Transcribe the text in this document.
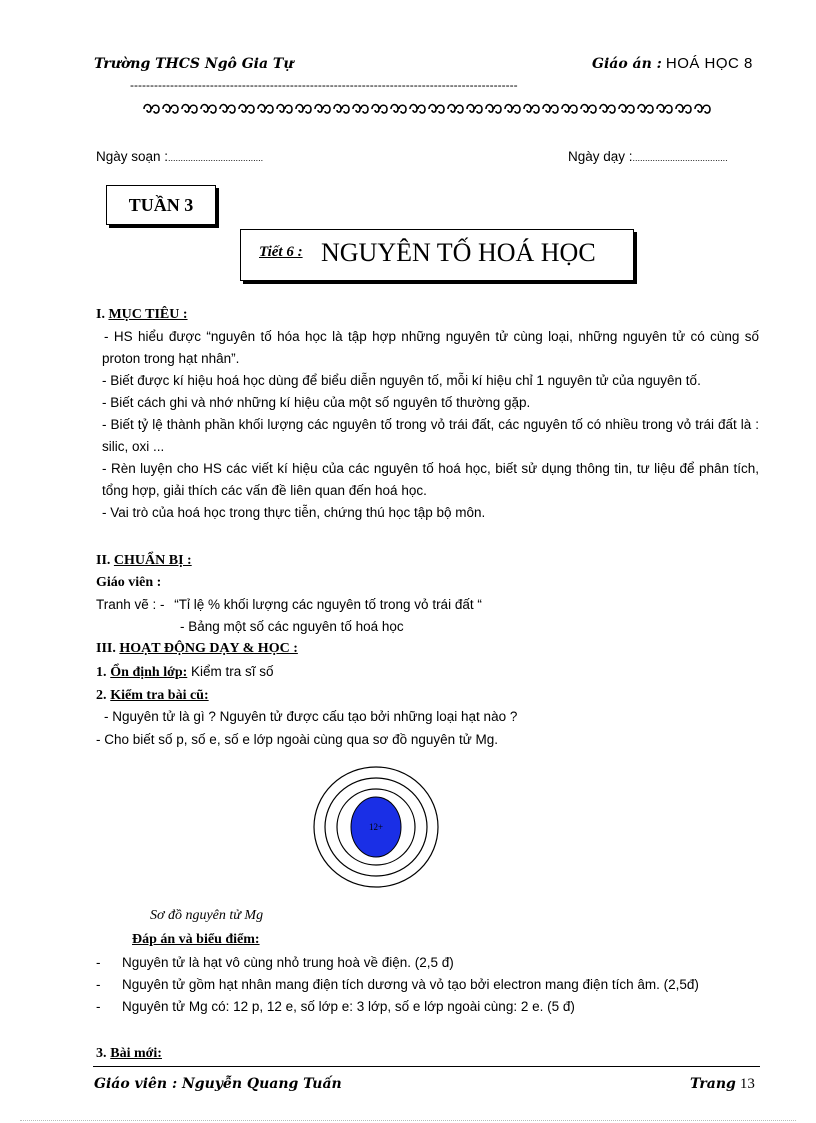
Trường THCS Ngô Gia Tự	Giáo án : HOÁ HỌC 8
-------------------------------------------------------------------------------------------------
Ngày soạn :......................................	Ngày dạy :......................................
TUẦN 3
Tiết 6 : NGUYÊN TỐ HOÁ HỌC
I. MỤC TIÊU :
- HS hiểu được “nguyên tố hóa học là tập hợp những nguyên tử cùng loại, những nguyên tử có cùng số proton trong hạt nhân”.
- Biết được kí hiệu hoá học dùng để biểu diễn nguyên tố, mỗi kí hiệu chỉ 1 nguyên tử của nguyên tố.
- Biết cách ghi và nhớ những kí hiệu của một số nguyên tố thường gặp.
- Biết tỷ lệ thành phần khối lượng các nguyên tố trong vỏ trái đất, các nguyên tố có nhiều trong vỏ trái đất là : silic, oxi ...
- Rèn luyện cho HS các viết kí hiệu của các nguyên tố hoá học, biết sử dụng thông tin, tư liệu để phân tích, tổng hợp, giải thích các vấn đề liên quan đến hoá học.
- Vai trò của hoá học trong thực tiễn, chứng thú học tập bộ môn.
II. CHUẨN BỊ :
Giáo viên :
Tranh vẽ : - “Tỉ lệ % khối lượng các nguyên tố trong vỏ trái đất “
- Bảng một số các nguyên tố hoá học
III. HOẠT ĐỘNG DẠY & HỌC :
1. Ổn định lớp: Kiểm tra sĩ số
2. Kiểm tra bài cũ:
- Nguyên tử là gì ? Nguyên tử được cấu tạo bởi những loại hạt nào ?
- Cho biết số p, số e, số e lớp ngoài cùng qua sơ đồ nguyên tử Mg.
12+
Sơ đồ nguyên tử Mg
Đáp án và biểu điểm:
-	Nguyên tử là hạt vô cùng nhỏ trung hoà về điện. (2,5 đ)
-	Nguyên tử gồm hạt nhân mang điện tích dương và vỏ tạo bởi electron mang điện tích âm. (2,5đ)
-	Nguyên tử Mg có: 12 p, 12 e, số lớp e: 3 lớp, số e lớp ngoài cùng: 2 e. (5 đ)
3. Bài mới:
Giáo viên : Nguyễn Quang Tuấn	Trang 13
